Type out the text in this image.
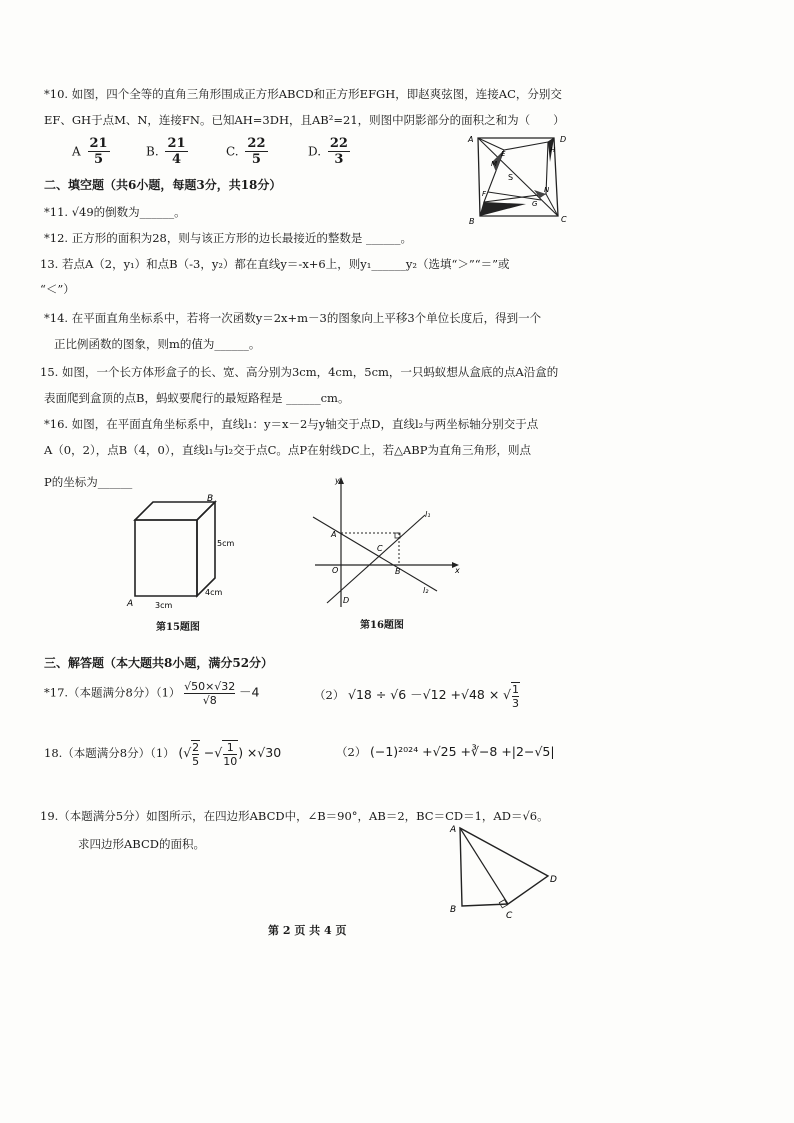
*10. 如图，四个全等的直角三角形围成正方形ABCD和正方形EFGH，即赵爽弦图，连接AC，分别交
EF、GH于点M、N，连接FN。已知AH=3DH，且AB²=21，则图中阴影部分的面积之和为（　　）
A $\frac{21}{5}$	B. $\frac{21}{4}$	C. $\frac{22}{5}$	D. $\frac{22}{3}$	A	D
B	C
M
E	H
F
G
N
S
二、填空题（共6小题，每题3分，共18分）
*11. √49的倒数为______。
*12. 正方形的面积为28，则与该正方形的边长最接近的整数是 ______。
13. 若点A（2，y₁）和点B（-3，y₂）都在直线y＝-x+6上，则y₁______y₂（选填“＞”“＝”或
“＜”）
*14. 在平面直角坐标系中，若将一次函数y＝2x+m－3的图象向上平移3个单位长度后，得到一个
正比例函数的图象，则m的值为______。
15. 如图，一个长方体形盒子的长、宽、高分别为3cm，4cm，5cm，一只蚂蚁想从盒底的点A沿盒的
表面爬到盒顶的点B，蚂蚁要爬行的最短路程是 ______cm。
*16. 如图，在平面直角坐标系中，直线l₁：y＝x－2与y轴交于点D，直线l₂与两坐标轴分别交于点
A（0，2），点B（4，0），直线l₁与l₂交于点C。点P在射线DC上，若△ABP为直角三角形，则点
P的坐标为______
B
5cm
4cm
A	3cm
第15题图
y
x
A
O	B
C
D
l₁
l₂
第16题图
三、解答题（本大题共8小题，满分52分）
*17.（本题满分8分）$(1) \frac{√50\times√32}{√8} -4$	（2） √18 ÷ √6 －√12 +√48 × √ $\frac{1}{3}$
18.（本题满分8分）（1） (√ $\frac{2}{5}$ −√ $\frac{1}{10}$ ) ×√30	（2） (−1)²⁰²⁴ +√25 +∛−8 +|2−√5|
19.（本题满分5分）如图所示，在四边形ABCD中，∠B＝90°，AB＝2，BC＝CD＝1，AD＝√6。
求四边形ABCD的面积。
A
B
C
D
第 2 页 共 4 页
